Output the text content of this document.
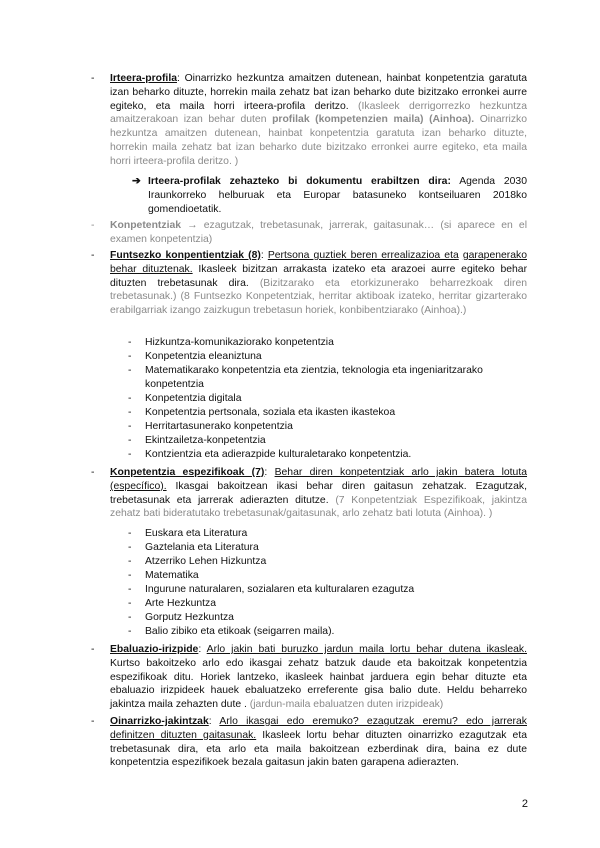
- Irteera-profila: Oinarrizko hezkuntza amaitzen dutenean, hainbat konpetentzia garatuta izan beharko dituzte, horrekin maila zehatz bat izan beharko dute bizitzako erronkei aurre egiteko, eta maila horri irteera-profila deritzo. (Ikasleek derrigorrezko hezkuntza amaitzerakoan izan behar duten profilak (kompetenzien maila) (Ainhoa). Oinarrizko hezkuntza amaitzen dutenean, hainbat konpetentzia garatuta izan beharko dituzte, horrekin maila zehatz bat izan beharko dute bizitzako erronkei aurre egiteko, eta maila horri irteera-profila deritzo. )

➔ Irteera-profilak zehazteko bi dokumentu erabiltzen dira: Agenda 2030 Iraunkorreko helburuak eta Europar batasuneko kontseiluaren 2018ko gomendioetatik.

- Konpetentziak → ezagutzak, trebetasunak, jarrerak, gaitasunak… (si aparece en el examen konpetentzia)

- Funtsezko konpentientziak (8): Pertsona guztiek beren errealizazioa eta garapenerako behar dituztenak. Ikasleek bizitzan arrakasta izateko eta arazoei aurre egiteko behar dituzten trebetasunak dira. (Bizitzarako eta etorkizunerako beharrezkoak diren trebetasunak.) (8 Funtsezko Konpetentziak, herritar aktiboak izateko, herritar gizarterako erabilgarriak izango zaizkugun trebetasun horiek, konbibentziarako (Ainhoa).)

- Hizkuntza-komunikaziorako konpetentzia
- Konpetentzia eleaniztuna
- Matematikarako konpetentzia eta zientzia, teknologia eta ingeniaritzarako
konpetentzia
- Konpetentzia digitala
- Konpetentzia pertsonala, soziala eta ikasten ikastekoa
- Herritartasunerako konpetentzia
- Ekintzailetza-konpetentzia
- Kontzientzia eta adierazpide kulturaletarako konpetentzia.
- Konpetentzia espezifikoak (7): Behar diren konpetentziak arlo jakin batera lotuta (específico). Ikasgai bakoitzean ikasi behar diren gaitasun zehatzak. Ezagutzak, trebetasunak eta jarrerak adierazten ditutze. (7 Konpetentziak Espezifikoak, jakintza zehatz bati bideratutako trebetasunak/gaitasunak, arlo zehatz bati lotuta (Ainhoa). )

- Euskara eta Literatura
- Gaztelania eta Literatura
- Atzerriko Lehen Hizkuntza
- Matematika
- Ingurune naturalaren, sozialaren eta kulturalaren ezagutza
- Arte Hezkuntza
- Gorputz Hezkuntza
- Balio zibiko eta etikoak (seigarren maila).
- Ebaluazio-irizpide: Arlo jakin bati buruzko jardun maila lortu behar dutena ikasleak. Kurtso bakoitzeko arlo edo ikasgai zehatz batzuk daude eta bakoitzak konpetentzia espezifikoak ditu. Horiek lantzeko, ikasleek hainbat jarduera egin behar dituzte eta ebaluazio irizpideek hauek ebaluatzeko erreferente gisa balio dute. Heldu beharreko jakintza maila zehazten dute . (jardun-maila ebaluatzen duten irizpideak)

- Oinarrizko-jakintzak: Arlo ikasgai edo eremuko? ezagutzak eremu? edo jarrerak definitzen dituzten gaitasunak. Ikasleek lortu behar dituzten oinarrizko ezagutzak eta trebetasunak dira, eta arlo eta maila bakoitzean ezberdinak dira, baina ez dute konpetentzia espezifikoek bezala gaitasun jakin baten garapena adierazten.

2
